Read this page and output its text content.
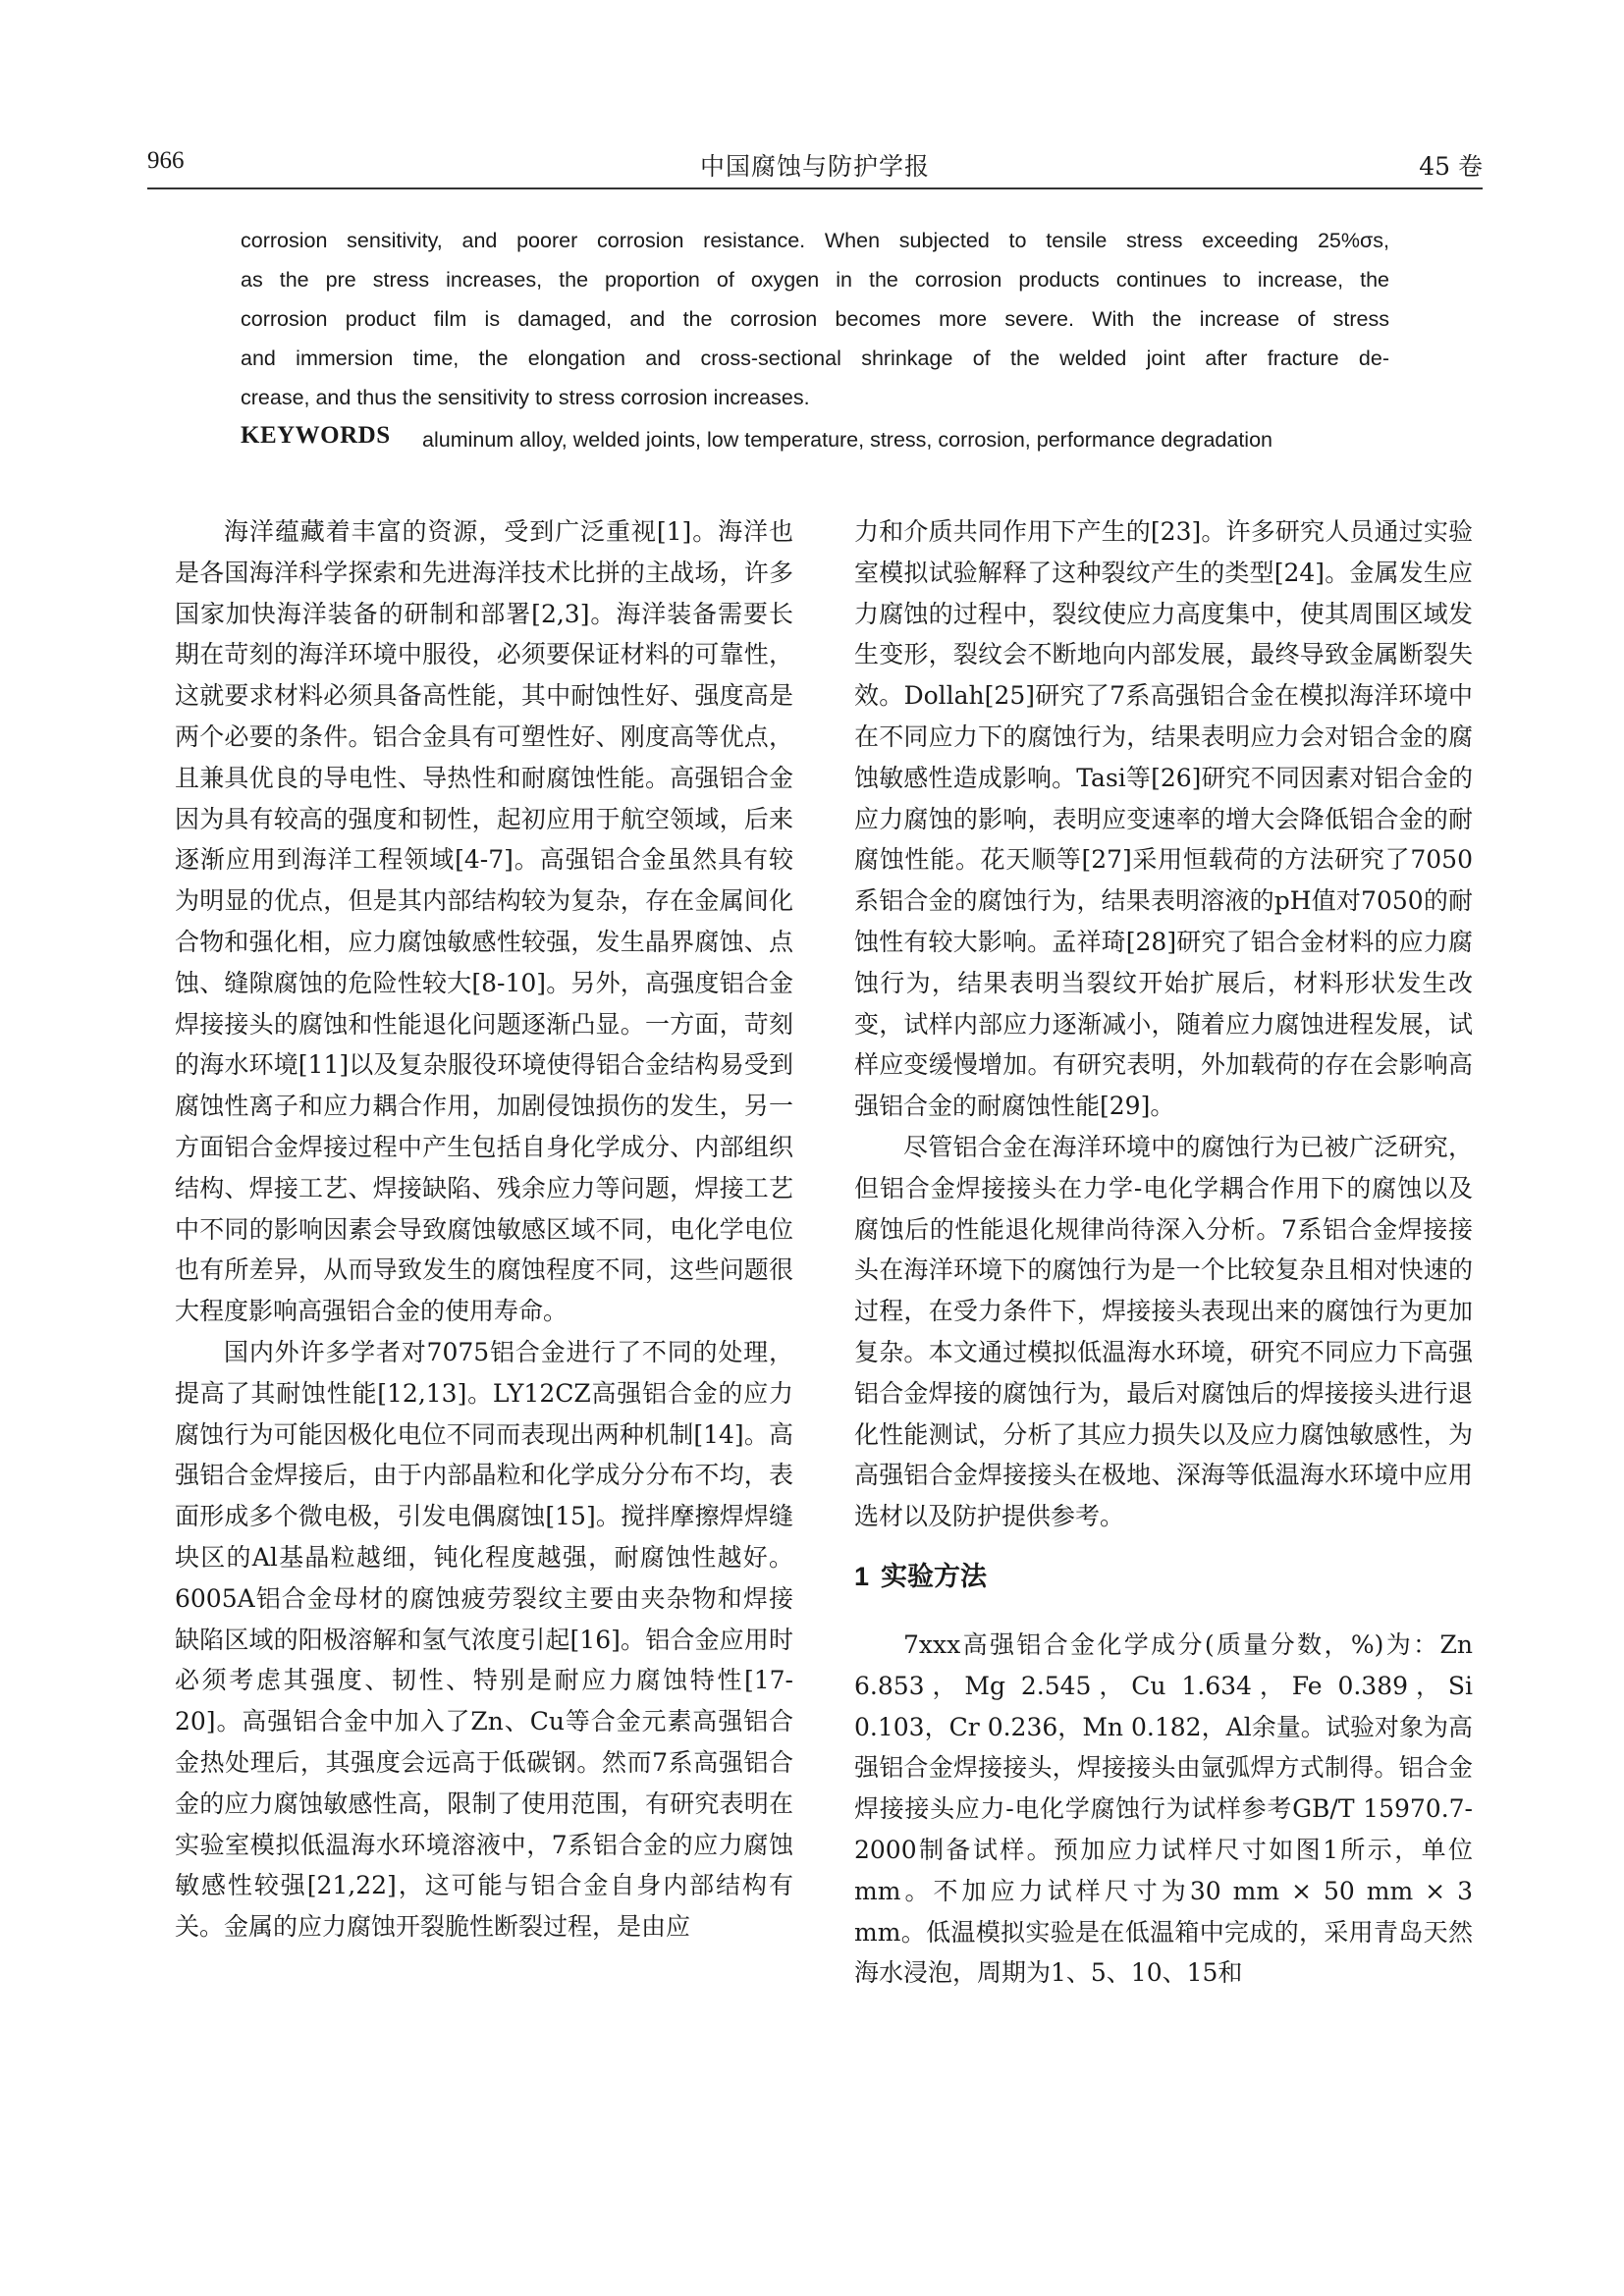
966	中国腐蚀与防护学报	45 卷
corrosion sensitivity, and poorer corrosion resistance. When subjected to tensile stress exceeding 25%σs,
as the pre stress increases, the proportion of oxygen in the corrosion products continues to increase, the
corrosion product film is damaged, and the corrosion becomes more severe. With the increase of stress
and immersion time, the elongation and cross-sectional shrinkage of the welded joint after fracture de-
crease, and thus the sensitivity to stress corrosion increases.
KEYWORDS aluminum alloy, welded joints, low temperature, stress, corrosion, performance degradation

海洋蕴藏着丰富的资源，受到广泛重视[1]。海洋也是各国海洋科学探索和先进海洋技术比拼的主战场，许多国家加快海洋装备的研制和部署[2,3]。海洋装备需要长期在苛刻的海洋环境中服役，必须要保证材料的可靠性，这就要求材料必须具备高性能，其中耐蚀性好、强度高是两个必要的条件。铝合金具有可塑性好、刚度高等优点，且兼具优良的导电性、导热性和耐腐蚀性能。高强铝合金因为具有较高的强度和韧性，起初应用于航空领域，后来逐渐应用到海洋工程领域[4-7]。高强铝合金虽然具有较为明显的优点，但是其内部结构较为复杂，存在金属间化合物和强化相，应力腐蚀敏感性较强，发生晶界腐蚀、点蚀、缝隙腐蚀的危险性较大[8-10]。另外，高强度铝合金焊接接头的腐蚀和性能退化问题逐渐凸显。一方面，苛刻的海水环境[11]以及复杂服役环境使得铝合金结构易受到腐蚀性离子和应力耦合作用，加剧侵蚀损伤的发生，另一方面铝合金焊接过程中产生包括自身化学成分、内部组织结构、焊接工艺、焊接缺陷、残余应力等问题，焊接工艺中不同的影响因素会导致腐蚀敏感区域不同，电化学电位也有所差异，从而导致发生的腐蚀程度不同，这些问题很大程度影响高强铝合金的使用寿命。

国内外许多学者对7075铝合金进行了不同的处理，提高了其耐蚀性能[12,13]。LY12CZ高强铝合金的应力腐蚀行为可能因极化电位不同而表现出两种机制[14]。高强铝合金焊接后，由于内部晶粒和化学成分分布不均，表面形成多个微电极，引发电偶腐蚀[15]。搅拌摩擦焊焊缝块区的Al基晶粒越细，钝化程度越强，耐腐蚀性越好。6005A铝合金母材的腐蚀疲劳裂纹主要由夹杂物和焊接缺陷区域的阳极溶解和氢气浓度引起[16]。铝合金应用时必须考虑其强度、韧性、特别是耐应力腐蚀特性[17-20]。高强铝合金中加入了Zn、Cu等合金元素高强铝合金热处理后，其强度会远高于低碳钢。然而7系高强铝合金的应力腐蚀敏感性高，限制了使用范围，有研究表明在实验室模拟低温海水环境溶液中，7系铝合金的应力腐蚀敏感性较强[21,22]，这可能与铝合金自身内部结构有关。金属的应力腐蚀开裂脆性断裂过程，是由应

力和介质共同作用下产生的[23]。许多研究人员通过实验室模拟试验解释了这种裂纹产生的类型[24]。金属发生应力腐蚀的过程中，裂纹使应力高度集中，使其周围区域发生变形，裂纹会不断地向内部发展，最终导致金属断裂失效。Dollah[25]研究了7系高强铝合金在模拟海洋环境中在不同应力下的腐蚀行为，结果表明应力会对铝合金的腐蚀敏感性造成影响。Tasi等[26]研究不同因素对铝合金的应力腐蚀的影响，表明应变速率的增大会降低铝合金的耐腐蚀性能。花天顺等[27]采用恒载荷的方法研究了7050系铝合金的腐蚀行为，结果表明溶液的pH值对7050的耐蚀性有较大影响。孟祥琦[28]研究了铝合金材料的应力腐蚀行为，结果表明当裂纹开始扩展后，材料形状发生改变，试样内部应力逐渐减小，随着应力腐蚀进程发展，试样应变缓慢增加。有研究表明，外加载荷的存在会影响高强铝合金的耐腐蚀性能[29]。

尽管铝合金在海洋环境中的腐蚀行为已被广泛研究，但铝合金焊接接头在力学-电化学耦合作用下的腐蚀以及腐蚀后的性能退化规律尚待深入分析。7系铝合金焊接接头在海洋环境下的腐蚀行为是一个比较复杂且相对快速的过程，在受力条件下，焊接接头表现出来的腐蚀行为更加复杂。本文通过模拟低温海水环境，研究不同应力下高强铝合金焊接的腐蚀行为，最后对腐蚀后的焊接接头进行退化性能测试，分析了其应力损失以及应力腐蚀敏感性，为高强铝合金焊接接头在极地、深海等低温海水环境中应用选材以及防护提供参考。

1 实验方法

7xxx高强铝合金化学成分(质量分数，%)为：Zn 6.853，Mg 2.545，Cu 1.634，Fe 0.389，Si 0.103，Cr 0.236，Mn 0.182，Al余量。试验对象为高强铝合金焊接接头，焊接接头由氩弧焊方式制得。铝合金焊接接头应力-电化学腐蚀行为试样参考GB/T 15970.7-2000制备试样。预加应力试样尺寸如图1所示，单位mm。不加应力试样尺寸为30 mm × 50 mm × 3 mm。低温模拟实验是在低温箱中完成的，采用青岛天然海水浸泡，周期为1、5、10、15和
